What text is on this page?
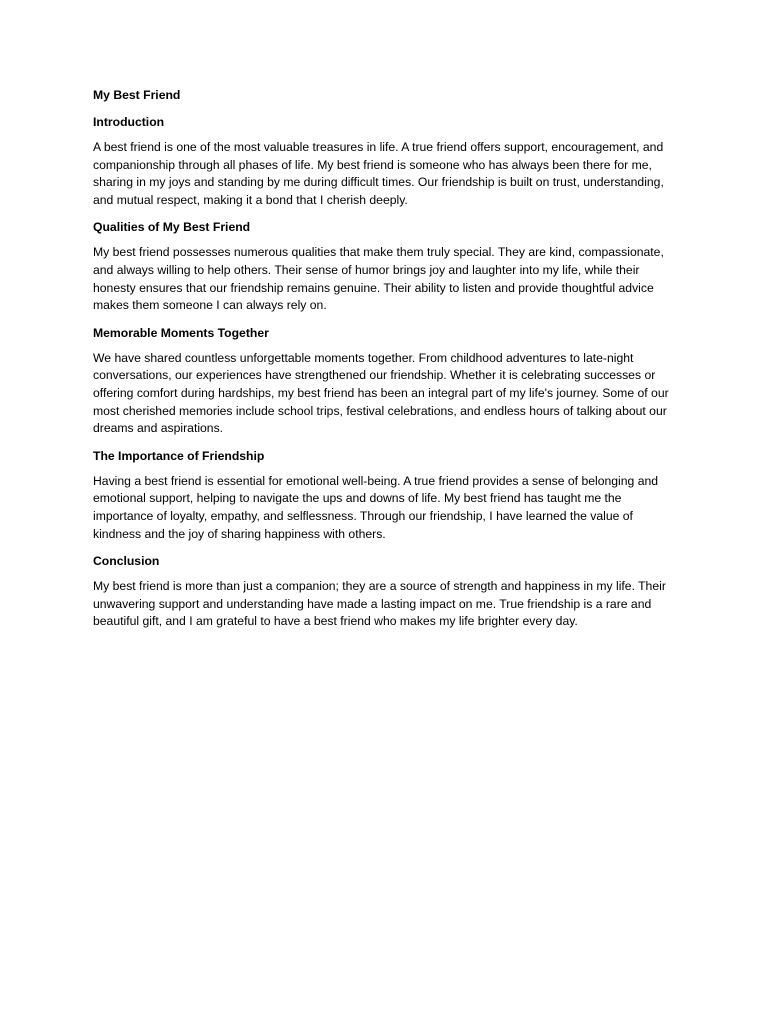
My Best Friend
Introduction

A best friend is one of the most valuable treasures in life. A true friend offers support, encouragement, and companionship through all phases of life. My best friend is someone who has always been there for me, sharing in my joys and standing by me during difficult times. Our friendship is built on trust, understanding, and mutual respect, making it a bond that I cherish deeply.

Qualities of My Best Friend

My best friend possesses numerous qualities that make them truly special. They are kind, compassionate, and always willing to help others. Their sense of humor brings joy and laughter into my life, while their honesty ensures that our friendship remains genuine. Their ability to listen and provide thoughtful advice makes them someone I can always rely on.

Memorable Moments Together

We have shared countless unforgettable moments together. From childhood adventures to late-night conversations, our experiences have strengthened our friendship. Whether it is celebrating successes or offering comfort during hardships, my best friend has been an integral part of my life's journey. Some of our most cherished memories include school trips, festival celebrations, and endless hours of talking about our dreams and aspirations.

The Importance of Friendship

Having a best friend is essential for emotional well-being. A true friend provides a sense of belonging and emotional support, helping to navigate the ups and downs of life. My best friend has taught me the importance of loyalty, empathy, and selflessness. Through our friendship, I have learned the value of kindness and the joy of sharing happiness with others.

Conclusion

My best friend is more than just a companion; they are a source of strength and happiness in my life. Their unwavering support and understanding have made a lasting impact on me. True friendship is a rare and beautiful gift, and I am grateful to have a best friend who makes my life brighter every day.
